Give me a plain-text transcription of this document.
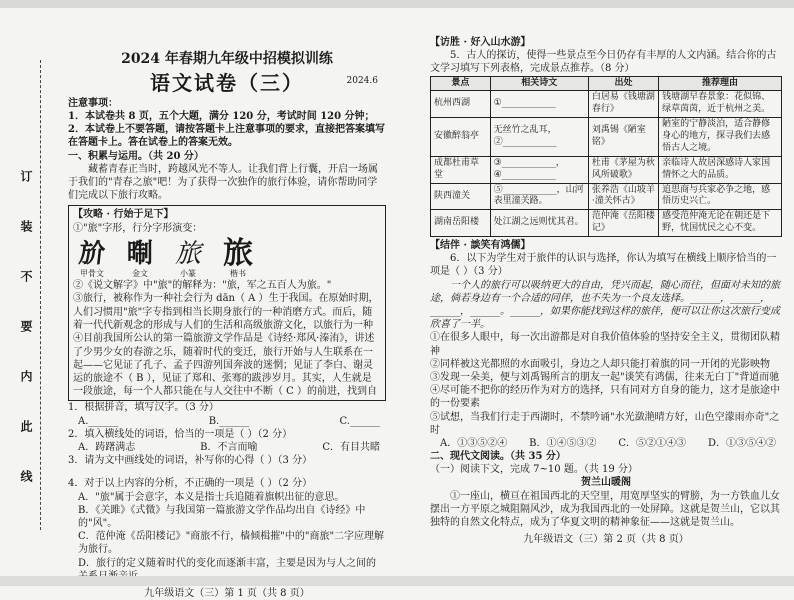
订
装
不
要
内
此
线
2024 年春期九年级中招模拟训练
语文试卷（三）	2024.6

注意事项：

1．本试卷共 8 页，五个大题，满分 120 分，考试时间 120 分钟；

2．本试卷上不要答题，请按答题卡上注意事项的要求，直接把答案填写在答题卡上。答在试卷上的答案无效。

一、积累与运用。（共 20 分）

藏蓄青春正当时，跨越风光不等人。让我们背上行囊，开启一场属于我们的"青春之旅"吧！为了获得一次独作的旅行体验，请你帮助同学们完成以下旅行攻略。

【攻略 · 行始于足下】

①"旅"字形，行分字形演变：

斺
甲骨文
㫼
金文
旅
小篆
旅
楷书

②《说文解字》中"旅"的解释为："旅，军之五百人为旅。"

③旅行，被称作为一种社会行为 dān（ A ）生于我国。在原始时期，人们习惯用"旅"字专指到相当长期身旅行的一种消磨方式。而后，随着一代代新观念的形成与人们的生活和高级旅游文化，以旅行为一种

④目前我国所公认的第一篇旅游文学作品是《诗经·郑风·溱洧》，讲述了少男少女的春游之乐，随着时代的变迁，旅行开始与人生联系在一起——它见证了孔子、孟子四游列国奔波的迷惘；见证了李白、谢灵运的旅途不（ B ），见证了郑和、张骞的跋涉岁月。其实，人生就是一段旅途，每一个人都只能在与人交往中不断（ C ）的前进，找到自

1．根据拼音，填写汉字。（3 分）

A.______	B.______	C.______

2．填入横线处的词语，恰当的一项是（ ）（2 分）

A．踌躇满志	B．不言而喻	C．有目共睹

3．请为文中画线处的词语，补写你的心得（ ）（3 分）

4．对于以上内容的分析，不正确的一项是（ ）（2 分）

A．"旅"属于会意字，本义是指士兵追随着旗帜出征的意思。

B．《关雎》《式微》与我国第一篇旅游文学作品均出自《诗经》中的"风"。

C．范仲淹《岳阳楼记》"商旅不行，樯倾楫摧"中的"商旅"二字应理解为旅行。

D．旅行的定义随着时代的变化而逐渐丰富，主要是因为与人之间的

九年级语文（三）第 1 页（共 8 页）

【访胜 · 好入山水游】

5．古人的探访，使得一些景点至今日仍存有丰厚的人文内涵。结合你的古文学习填写下列表格，完成景点推荐。（8 分）

景点	相关诗文	出处	推荐理由
杭州西湖	①____________	白居易《钱塘湖春行》	钱塘湖早春景象：花似锦、绿草茵茵，近于杭州之美。
安徽醉翁亭	无丝竹之乱耳，②____________	刘禹锡《陋室铭》	陋室的宁静淡泊，适合静修身心的地方，探寻我们去感悟古人之境。
成都杜甫草堂	③____________，④____________	杜甫《茅屋为秋风所破歌》	亲临诗人故居深感诗人家国情怀之大的品质。
陕西潼关	⑤____________，山河表里潼关路。	张养浩《山坡羊·潼关怀古》	追思商与兵家必争之地，感悟历史兴亡。
湖南岳阳楼	处江湖之远则忧其君。	范仲淹《岳阳楼记》	感受范仲淹无论在朝还是下野，忧国忧民之心不变。

【结伴 · 談笑有鸿儒】

6．以下为学生对于旅伴的认识与选择，你认为填写在横线上顺序恰当的一项是（ ）（3 分）

一个人的旅行可以吸纳更大的自由，凭兴而起，随心而往，但面对未知的旅途，倘若身边有一个合适的同伴，也不失为一个良友选择。______，______，______，______。______，如果你能找到这样的旅伴，便可以让你这次旅行变成欣喜了一半。

①在很多人眼中，每一次出游都是对自我价值体验的坚持安全主义，贯彻团队精神

②同样被这光都照的水面吸引，身边之人却只能打着旗的同一开闭的光影映物

③发现一朵美，便与刘禹锡所言的朋友一起"谈笑有鸿儒，往来无白丁"背道而驰

④尽可能不把你的经历作为对方的选择，只有同对方自身的能力，这才是旅途中的一份要素

⑤试想，当我们行走于西湖时，不禁吟诵"水光潋滟晴方好，山色空濛雨亦奇"之时

A．①③⑤②④ B．①④⑤③② C．⑤②①④③ D．①③⑤④②

二、现代文阅读。（共 35 分）

（一）阅读下文，完成 7~10 题。（共 19 分）

贺兰山暖阁

①一座山，横亘在祖国西北的天空里，用宽厚坚实的臂膀，为一方铁血儿女摆出一方平原之城阻隔风沙，成为我国西北的一处屏障。这就是贺兰山，它以其独特的自然文化特点，成为了华夏文明的精神象征——这就是贺兰山。

九年级语文（三）第 2 页（共 8 页）
